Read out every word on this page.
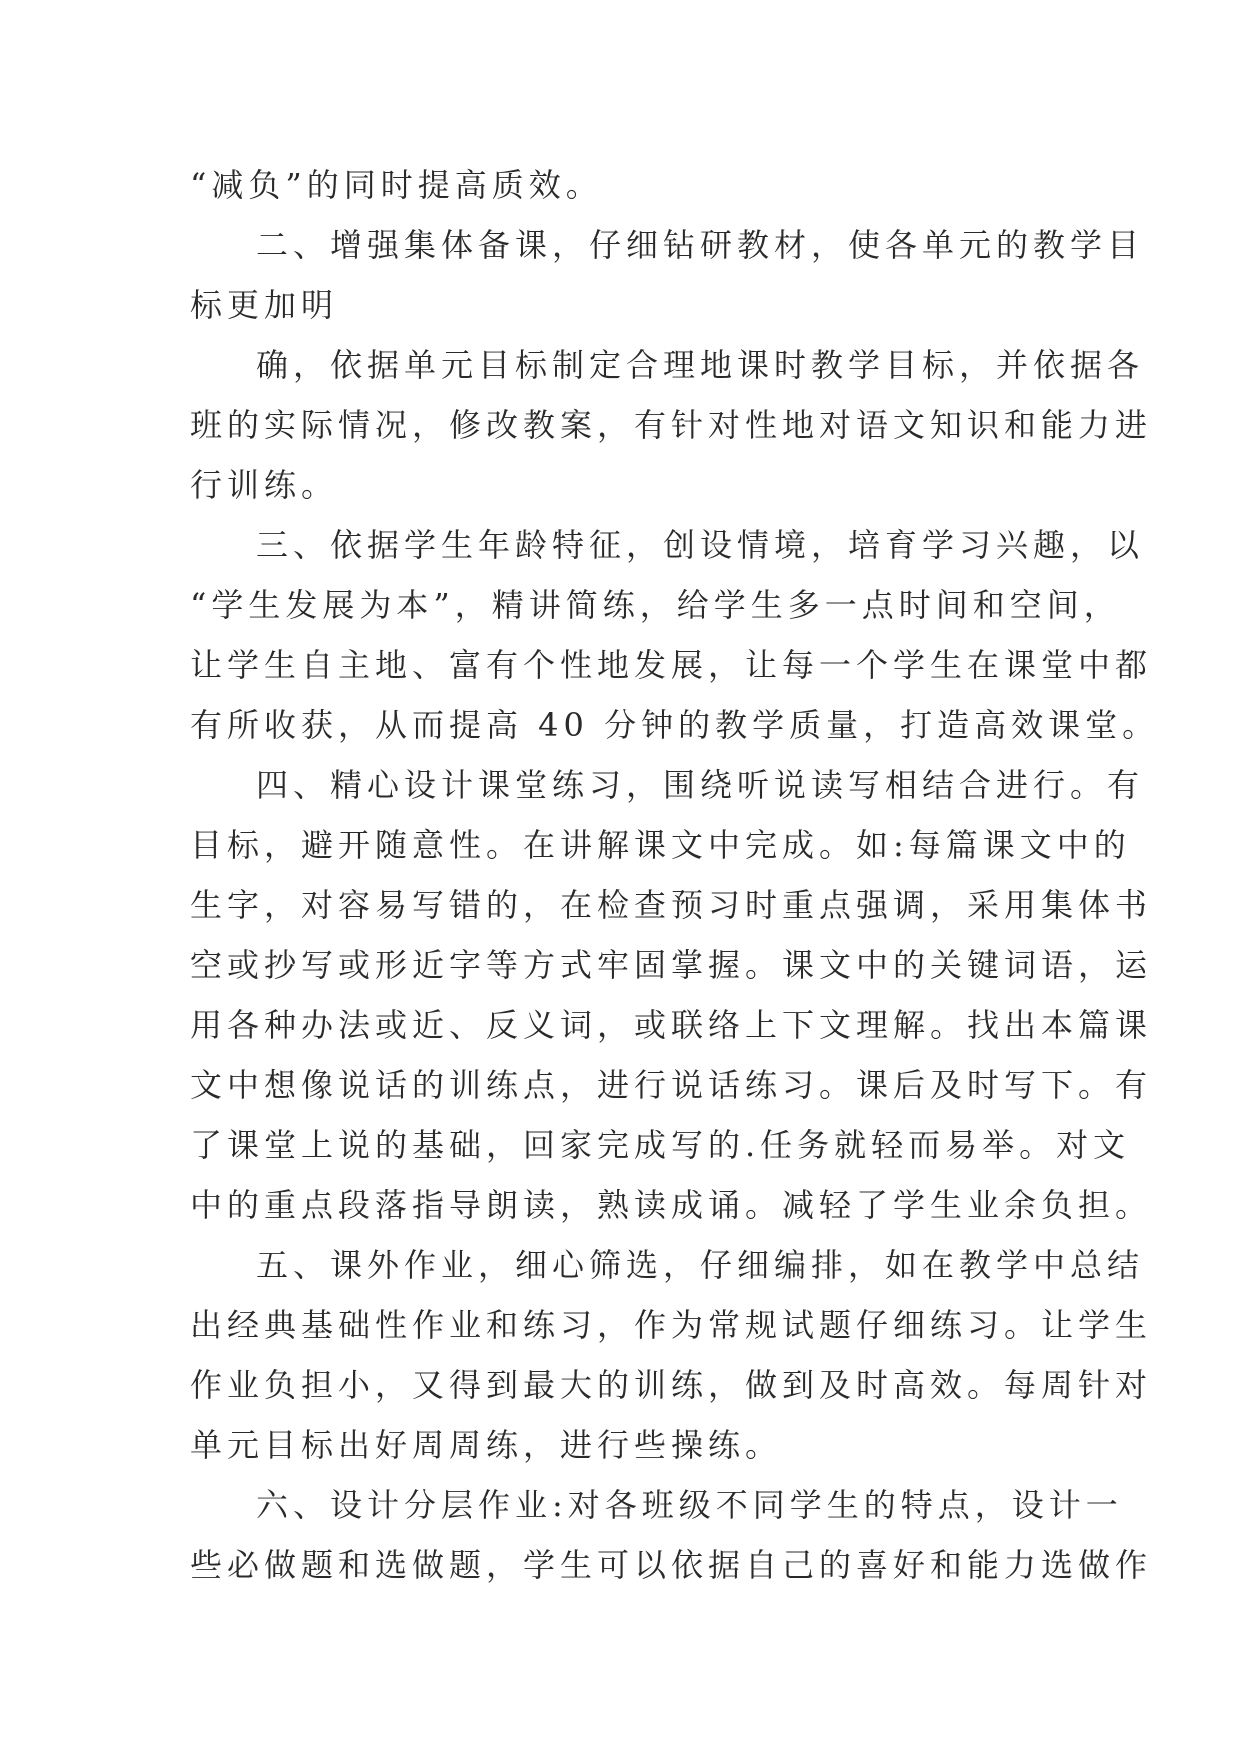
“减负”的同时提高质效。
二、增强集体备课，仔细钻研教材，使各单元的教学目
标更加明
确，依据单元目标制定合理地课时教学目标，并依据各
班的实际情况，修改教案，有针对性地对语文知识和能力进
行训练。
三、依据学生年龄特征，创设情境，培育学习兴趣，以
“学生发展为本”，精讲简练，给学生多一点时间和空间，
让学生自主地、富有个性地发展，让每一个学生在课堂中都
有所收获，从而提高 40 分钟的教学质量，打造高效课堂。
四、精心设计课堂练习，围绕听说读写相结合进行。有
目标，避开随意性。在讲解课文中完成。如:每篇课文中的
生字，对容易写错的，在检查预习时重点强调，采用集体书
空或抄写或形近字等方式牢固掌握。课文中的关键词语，运
用各种办法或近、反义词，或联络上下文理解。找出本篇课
文中想像说话的训练点，进行说话练习。课后及时写下。有
了课堂上说的基础，回家完成写的.任务就轻而易举。对文
中的重点段落指导朗读，熟读成诵。减轻了学生业余负担。
五、课外作业，细心筛选，仔细编排，如在教学中总结
出经典基础性作业和练习，作为常规试题仔细练习。让学生
作业负担小，又得到最大的训练，做到及时高效。每周针对
单元目标出好周周练，进行些操练。
六、设计分层作业:对各班级不同学生的特点，设计一
些必做题和选做题，学生可以依据自己的喜好和能力选做作
